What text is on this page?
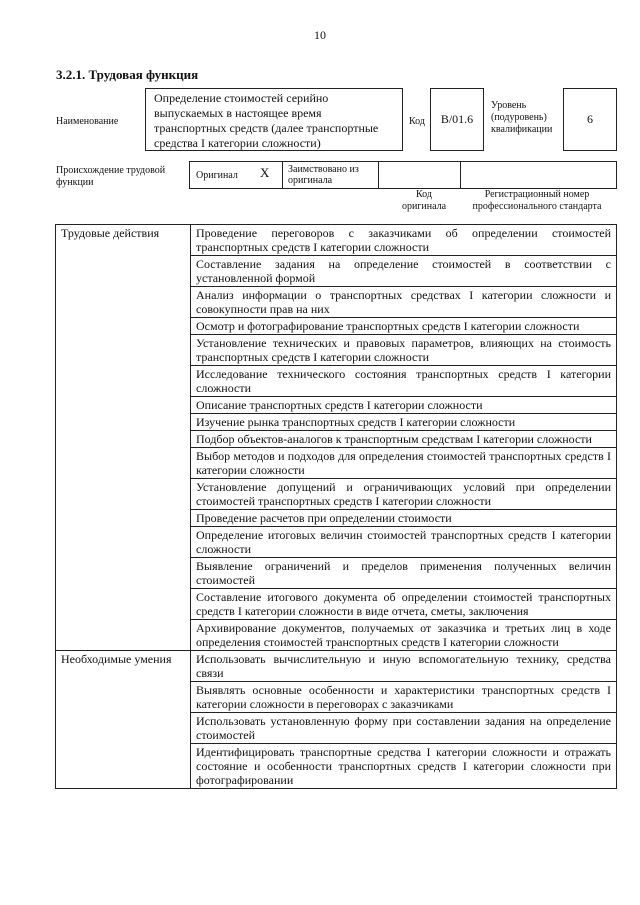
10
3.2.1. Трудовая функция
Наименование
Определение стоимостей серийно выпускаемых в настоящее время транспортных средств (далее транспортные средства I категории сложности)
Код B/01.6
Уровень (подуровень) квалификации
6
Происхождение трудовой функции
Оригинал X Заимствовано из оригинала
Код оригинала
Регистрационный номер профессионального стандарта
Трудовые действия	Проведение переговоров с заказчиками об определении стоимостей транспортных средств I категории сложности
	Составление задания на определение стоимостей в соответствии с установленной формой
	Анализ информации о транспортных средствах I категории сложности и совокупности прав на них
	Осмотр и фотографирование транспортных средств I категории сложности
	Установление технических и правовых параметров, влияющих на стоимость транспортных средств I категории сложности
	Исследование технического состояния транспортных средств I категории сложности
	Описание транспортных средств I категории сложности
	Изучение рынка транспортных средств I категории сложности
	Подбор объектов-аналогов к транспортным средствам I категории сложности
	Выбор методов и подходов для определения стоимостей транспортных средств I категории сложности
	Установление допущений и ограничивающих условий при определении стоимостей транспортных средств I категории сложности
	Проведение расчетов при определении стоимости
	Определение итоговых величин стоимостей транспортных средств I категории сложности
	Выявление ограничений и пределов применения полученных величин стоимостей
	Составление итогового документа об определении стоимостей транспортных средств I категории сложности в виде отчета, сметы, заключения
	Архивирование документов, получаемых от заказчика и третьих лиц в ходе определения стоимостей транспортных средств I категории сложности
Необходимые умения	Использовать вычислительную и иную вспомогательную технику, средства связи
	Выявлять основные особенности и характеристики транспортных средств I категории сложности в переговорах с заказчиками
	Использовать установленную форму при составлении задания на определение стоимостей
	Идентифицировать транспортные средства I категории сложности и отражать состояние и особенности транспортных средств I категории сложности при фотографировании
